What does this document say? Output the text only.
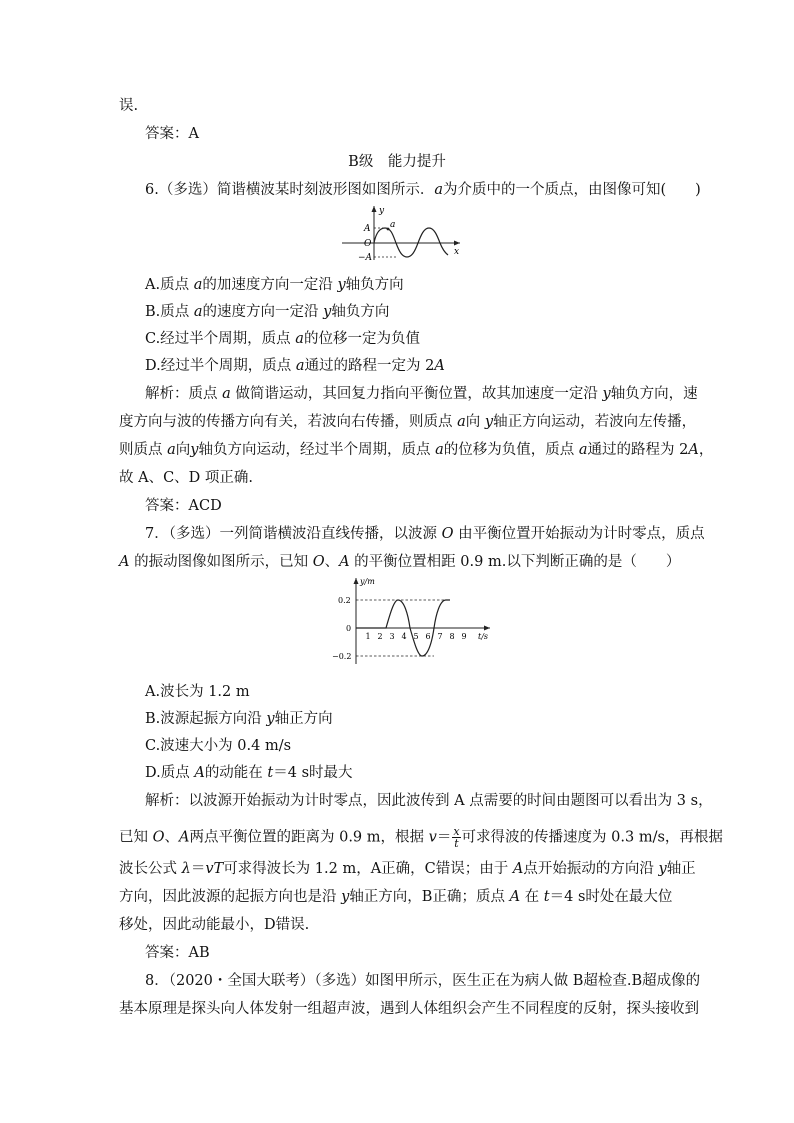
误.
答案：A
B级　能力提升
6.（多选）简谐横波某时刻波形图如图所示．a为介质中的一个质点，由图像可知(　　)
y
x
A
O
−A
a
A.质点 a的加速度方向一定沿 y轴负方向
B.质点 a的速度方向一定沿 y轴负方向
C.经过半个周期，质点 a的位移一定为负值
D.经过半个周期，质点 a通过的路程一定为 2A
解析：质点 a 做简谐运动，其回复力指向平衡位置，故其加速度一定沿 y轴负方向，速
度方向与波的传播方向有关，若波向右传播，则质点 a向 y轴正方向运动，若波向左传播，
则质点 a向y轴负方向运动，经过半个周期，质点 a的位移为负值，质点 a通过的路程为 2A，
故 A、C、D 项正确.
答案：ACD
7．（多选）一列简谐横波沿直线传播，以波源 O 由平衡位置开始振动为计时零点，质点
A 的振动图像如图所示，已知 O、A 的平衡位置相距 0.9 m.以下判断正确的是（　　）
1 2 3 4 5 6 7 8 9
y/m
t/s
0.2
0
−0.2
A.波长为 1.2 m
B.波源起振方向沿 y轴正方向
C.波速大小为 0.4 m/s
D.质点 A的动能在 t＝4 s时最大
解析：以波源开始振动为计时零点，因此波传到 A 点需要的时间由题图可以看出为 3 s，
已知 O、A两点平衡位置的距离为 0.9 m，根据 $v= \frac{x}{t}$ 可求得波的传播速度为 0.3 m/s，再根据
波长公式 λ＝vT可求得波长为 1.2 m，A正确，C错误；由于 A点开始振动的方向沿 y轴正
方向，因此波源的起振方向也是沿 y轴正方向，B正确；质点 A 在 t＝4 s时处在最大位
移处，因此动能最小，D错误.
答案：AB
8．（2020・全国大联考）（多选）如图甲所示，医生正在为病人做 B超检查.B超成像的
基本原理是探头向人体发射一组超声波，遇到人体组织会产生不同程度的反射，探头接收到
